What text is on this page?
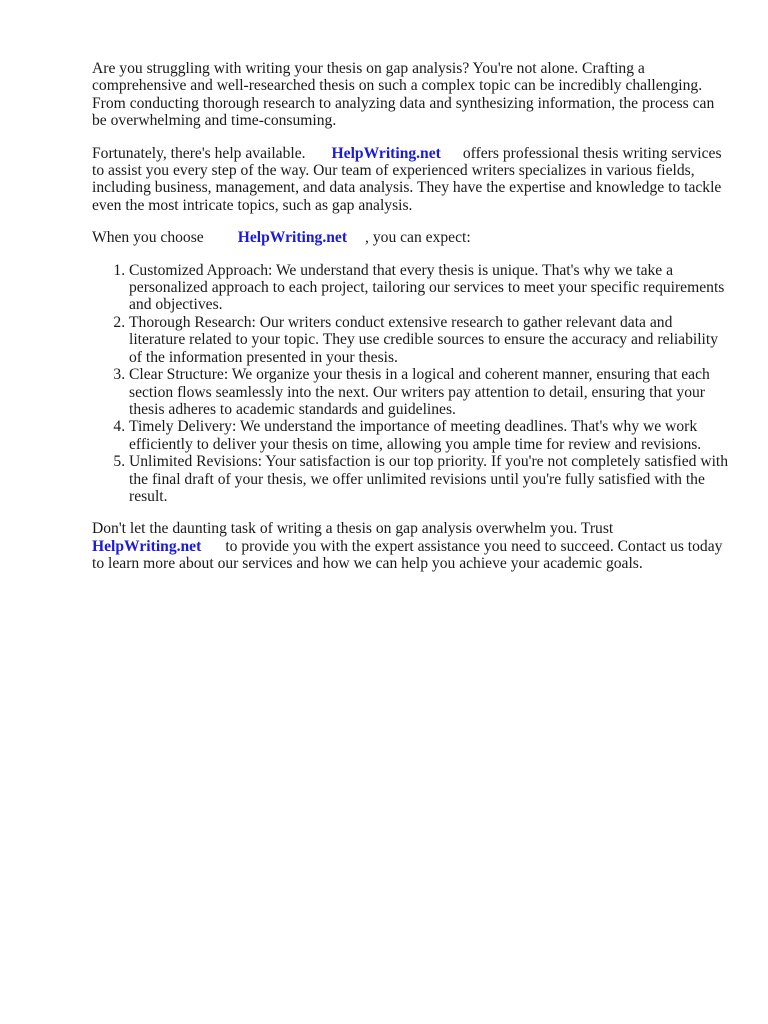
Are you struggling with writing your thesis on gap analysis? You're not alone. Crafting a comprehensive and well-researched thesis on such a complex topic can be incredibly challenging. From conducting thorough research to analyzing data and synthesizing information, the process can be overwhelming and time-consuming.

Fortunately, there's help available. HelpWriting.net offers professional thesis writing services to assist you every step of the way. Our team of experienced writers specializes in various fields, including business, management, and data analysis. They have the expertise and knowledge to tackle even the most intricate topics, such as gap analysis.

When you choose HelpWriting.net , you can expect:

1. Customized Approach: We understand that every thesis is unique. That's why we take a personalized approach to each project, tailoring our services to meet your specific requirements and objectives.
2. Thorough Research: Our writers conduct extensive research to gather relevant data and literature related to your topic. They use credible sources to ensure the accuracy and reliability of the information presented in your thesis.
3. Clear Structure: We organize your thesis in a logical and coherent manner, ensuring that each section flows seamlessly into the next. Our writers pay attention to detail, ensuring that your thesis adheres to academic standards and guidelines.
4. Timely Delivery: We understand the importance of meeting deadlines. That's why we work efficiently to deliver your thesis on time, allowing you ample time for review and revisions.
5. Unlimited Revisions: Your satisfaction is our top priority. If you're not completely satisfied with the final draft of your thesis, we offer unlimited revisions until you're fully satisfied with the result.

Don't let the daunting task of writing a thesis on gap analysis overwhelm you. Trust
HelpWriting.net to provide you with the expert assistance you need to succeed. Contact us today to learn more about our services and how we can help you achieve your academic goals.
